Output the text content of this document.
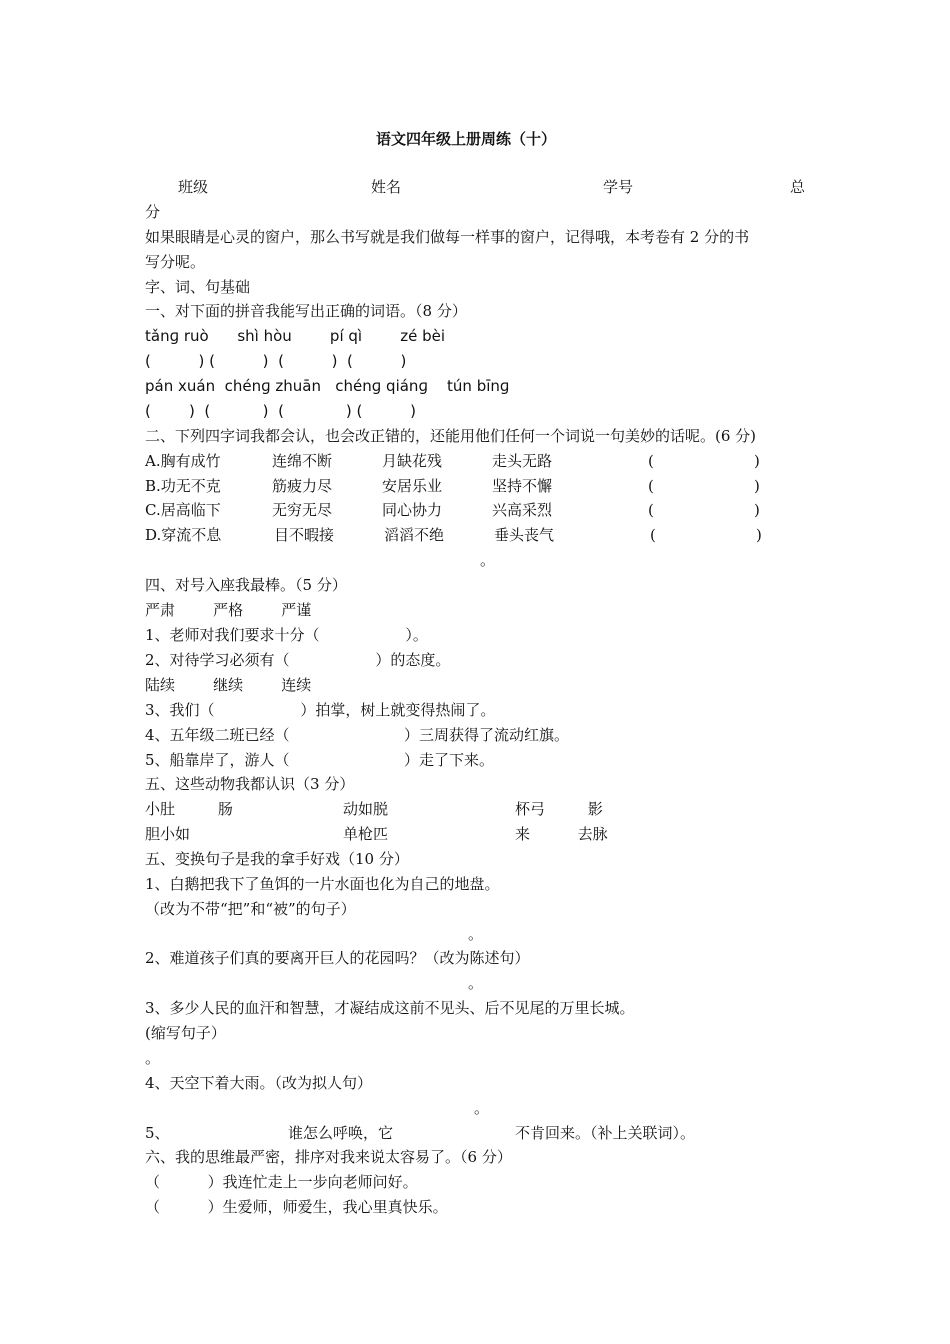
语文四年级上册周练（十）
班级	姓名	学号	总
分
如果眼睛是心灵的窗户，那么书写就是我们做每一样事的窗户，记得哦，本考卷有 2 分的书
写分呢。
字、词、句基础
一、对下面的拼音我能写出正确的词语。（8 分）
tǎnɡ ruò      shì hòu        pí qì        zé bèi
(          ) (          )  (          )  (          )
pán xuán  chénɡ zhuān   chénɡ qiánɡ    tún bīnɡ
(        )  (           )  (             ) (          )
二、下列四字词我都会认，也会改正错的，还能用他们任何一个词说一句美妙的话呢。(6 分)
A.胸有成竹	连绵不断	月缺花残	走头无路	(                     )
B.功无不克	筋疲力尽	安居乐业	坚持不懈	(                     )
C.居高临下	无穷无尽	同心协力	兴高采烈	(                     )
D.穿流不息	目不暇接	滔滔不绝	垂头丧气	(                     )
。
四、对号入座我最棒。（5 分）
严肃        严格        严谨
1、老师对我们要求十分（                  ）。
2、对待学习必须有（                  ）的态度。
陆续        继续        连续
3、我们（                  ）拍掌，树上就变得热闹了。
4、五年级二班已经（                        ）三周获得了流动红旗。
5、船靠岸了，游人（                        ）走了下来。
五、这些动物我都认识（3 分）
小肚         肠	动如脱	杯弓         影
胆小如	单枪匹	来          去脉
五、变换句子是我的拿手好戏（10 分）
1、白鹅把我下了鱼饵的一片水面也化为自己的地盘。
（改为不带“把”和“被”的句子）
。
2、难道孩子们真的要离开巨人的花园吗？（改为陈述句）
。
3、多少人民的血汗和智慧，才凝结成这前不见头、后不见尾的万里长城。
(缩写句子）
。
4、天空下着大雨。（改为拟人句）
。
5、	谁怎么呼唤，它	不肯回来。（补上关联词）。
六、我的思维最严密，排序对我来说太容易了。（6 分）
（          ）我连忙走上一步向老师问好。
（          ）生爱师，师爱生，我心里真快乐。
